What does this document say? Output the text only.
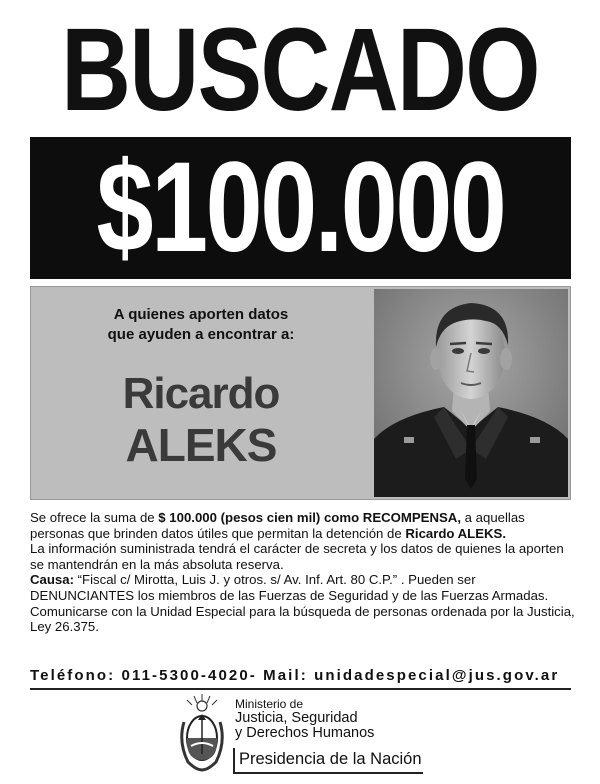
BUSCADO
$100.000
A quienes aporten datos
que ayuden a encontrar a:
Ricardo
ALEKS

Se ofrece la suma de $ 100.000 (pesos cien mil) como RECOMPENSA, a aquellas personas que brinden datos útiles que permitan la detención de Ricardo ALEKS.

La información suministrada tendrá el carácter de secreta y los datos de quienes la aporten se mantendrán en la más absoluta reserva.

Causa: “Fiscal c/ Mirotta, Luis J. y otros. s/ Av. Inf. Art. 80 C.P.” . Pueden ser DENUNCIANTES los miembros de las Fuerzas de Seguridad y de las Fuerzas Armadas.

Comunicarse con la Unidad Especial para la búsqueda de personas ordenada por la Justicia, Ley 26.375.

Teléfono: 011-5300-4020- Mail: unidadespecial@jus.gov.ar
Ministerio de
Justicia, Seguridad
y Derechos Humanos
Presidencia de la Nación
